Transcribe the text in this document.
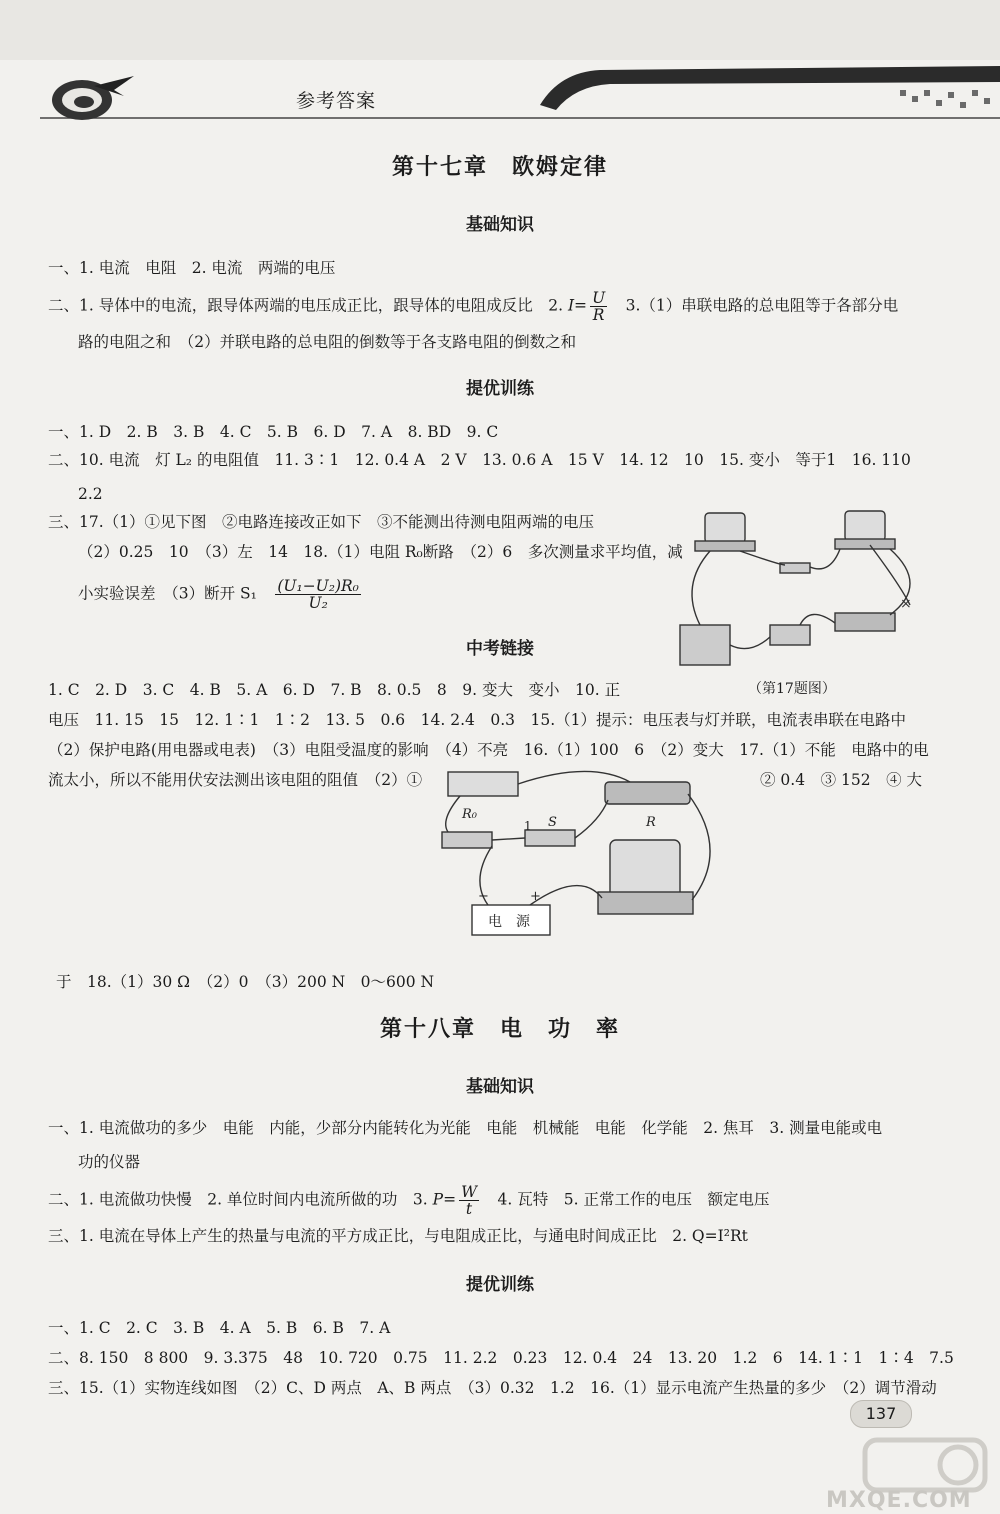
参考答案
第十七章　欧姆定律
基础知识
一、1. 电流　电阻　2. 电流　两端的电压
二、1. 导体中的电流，跟导体两端的电压成正比，跟导体的电阻成反比　2. $I= \frac{U}{R}$ 　3.（1）串联电路的总电阻等于各部分电
路的电阻之和　（2）并联电路的总电阻的倒数等于各支路电阻的倒数之和
提优训练
一、1. D　2. B　3. B　4. C　5. B　6. D　7. A　8. BD　9. C
二、10. 电流　灯 L₂ 的电阻值　11. 3∶1　12. 0.4 A　2 V　13. 0.6 A　15 V　14. 12　10　15. 变小　等于1　16. 110
2.2
三、17.（1）①见下图　②电路连接改正如下　③不能测出待测电阻两端的电压
（2）0.25　10　（3）左　14　18.（1）电阻 R₀断路　（2）6　多次测量求平均值，减
小实验误差　（3）断开 S₁　 $\frac{\text{(U₁−U₂)R₀}}{\text{U₂}}$	×
（第17题图）
中考链接
1. C　2. D　3. C　4. B　5. A　6. D　7. B　8. 0.5　8　9. 变大　变小　10. 正
电压　11. 15　15　12. 1∶1　1∶2　13. 5　0.6　14. 2.4　0.3　15.（1）提示：电压表与灯并联，电流表串联在电路中
（2）保护电路(用电器或电表)　（3）电阻受温度的影响　（4）不亮　16.（1）100　6　（2）变大　17.（1）不能　电路中的电
流太小，所以不能用伏安法测出该电阻的阻值　（2）①	② 0.4　③ 152　④ 大
R₀
R
S
1
−	+
电　源
于　18.（1）30 Ω　（2）0　（3）200 N　0～600 N
第十八章　电　功　率
基础知识
一、1. 电流做功的多少　电能　内能，少部分内能转化为光能　电能　机械能　电能　化学能　2. 焦耳　3. 测量电能或电
功的仪器
二、1. 电流做功快慢　2. 单位时间内电流所做的功　3. $P= \frac{W}{t}$ 　4. 瓦特　5. 正常工作的电压　额定电压
三、1. 电流在导体上产生的热量与电流的平方成正比，与电阻成正比，与通电时间成正比　2. Q=I²Rt
提优训练
一、1. C　2. C　3. B　4. A　5. B　6. B　7. A
二、8. 150　8 800　9. 3.375　48　10. 720　0.75　11. 2.2　0.23　12. 0.4　24　13. 20　1.2　6　14. 1∶1　1∶4　7.5
三、15.（1）实物连线如图　（2）C、D 两点　A、B 两点　（3）0.32　1.2　16.（1）显示电流产生热量的多少　（2）调节滑动
137
MXQE.COM
